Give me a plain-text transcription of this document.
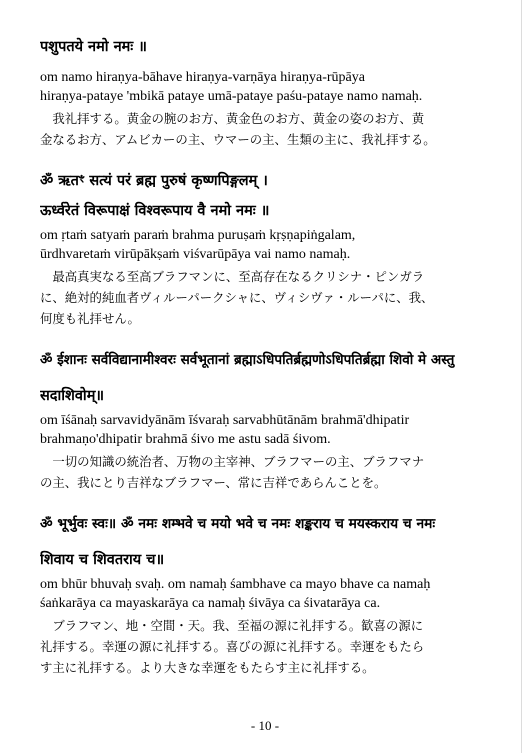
पशुपतये नमो नमः ॥

om namo hiraṇya-bāhave hiraṇya-varṇāya hiraṇya-rūpāya

hiraṇya-pataye 'mbikā pataye umā-pataye paśu-pataye namo namaḥ.

我礼拝する。黄金の腕のお方、黄金色のお方、黄金の姿のお方、黄
金なるお方、アムビカーの主、ウマーの主、生類の主に、我礼拝する。

ॐ ऋतꣳ सत्यं परं ब्रह्म पुरुषं कृष्णपिङ्गलम् ।

ऊर्ध्वरेतं विरूपाक्षं विश्वरूपाय वै नमो नमः ॥

om ṛtaṁ satyaṁ paraṁ brahma puruṣaṁ kṛṣṇapiṅgalam,

ūrdhvaretaṁ virūpākṣaṁ viśvarūpāya vai namo namaḥ.

最高真実なる至高ブラフマンに、至高存在なるクリシナ・ピンガラ
に、絶対的純血者ヴィルーパークシャに、ヴィシヴァ・ルーパに、我、
何度も礼拝せん。

ॐ ईशानः सर्वविद्यानामीश्वरः सर्वभूतानां ब्रह्माऽधिपतिर्ब्रह्मणोऽधिपतिर्ब्रह्मा शिवो मे अस्तु

सदाशिवोम्॥

om īśānaḥ sarvavidyānām īśvaraḥ sarvabhūtānām brahmā'dhipatir

brahmaṇo'dhipatir brahmā śivo me astu sadā śivom.

一切の知識の統治者、万物の主宰神、ブラフマーの主、ブラフマナ
の主、我にとり吉祥なブラフマー、常に吉祥であらんことを。

ॐ भूर्भुवः स्वः॥ ॐ नमः शम्भवे च मयो भवे च नमः शङ्कराय च मयस्कराय च नमः

शिवाय च शिवतराय च॥

om bhūr bhuvaḥ svaḥ. om namaḥ śambhave ca mayo bhave ca namaḥ

śaṅkarāya ca mayaskarāya ca namaḥ śivāya ca śivatarāya ca.

ブラフマン、地・空間・天。我、至福の源に礼拝する。歓喜の源に
礼拝する。幸運の源に礼拝する。喜びの源に礼拝する。幸運をもたら
す主に礼拝する。より大きな幸運をもたらす主に礼拝する。
- 10 -
